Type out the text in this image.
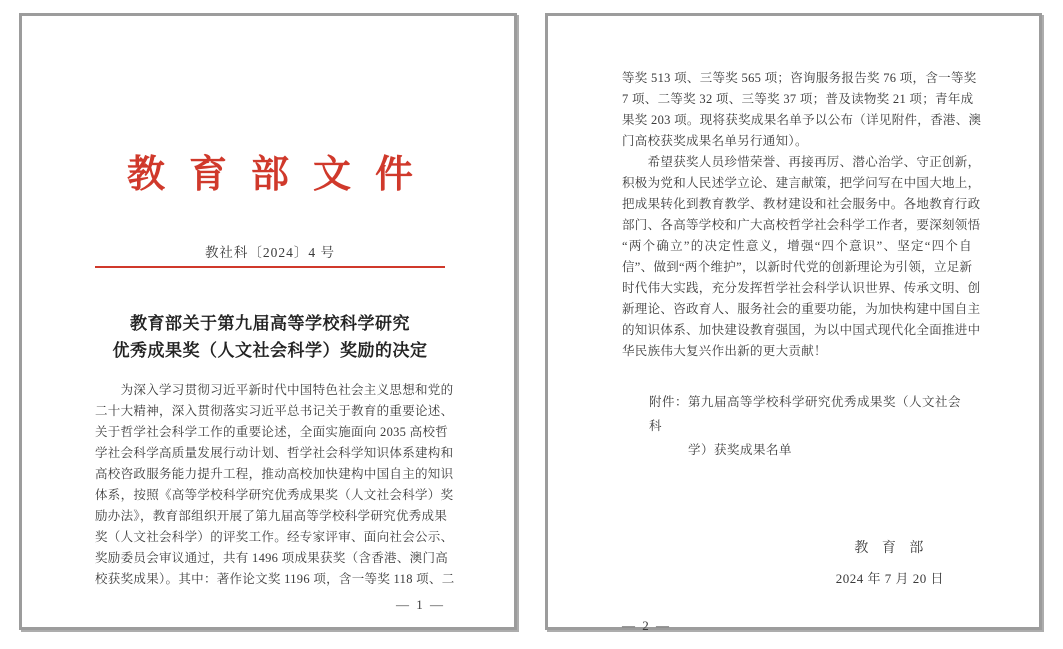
教育部文件
教社科〔2024〕4 号
教育部关于第九届高等学校科学研究
优秀成果奖（人文社会科学）奖励的决定
　　为深入学习贯彻习近平新时代中国特色社会主义思想和党的
二十大精神，深入贯彻落实习近平总书记关于教育的重要论述、
关于哲学社会科学工作的重要论述，全面实施面向 2035 高校哲
学社会科学高质量发展行动计划、哲学社会科学知识体系建构和
高校咨政服务能力提升工程，推动高校加快建构中国自主的知识
体系，按照《高等学校科学研究优秀成果奖（人文社会科学）奖
励办法》，教育部组织开展了第九届高等学校科学研究优秀成果
奖（人文社会科学）的评奖工作。经专家评审、面向社会公示、
奖励委员会审议通过，共有 1496 项成果获奖（含香港、澳门高
校获奖成果）。其中：著作论文奖 1196 项，含一等奖 118 项、二
— 1 —
等奖 513 项、三等奖 565 项；咨询服务报告奖 76 项，含一等奖
7 项、二等奖 32 项、三等奖 37 项；普及读物奖 21 项；青年成
果奖 203 项。现将获奖成果名单予以公布（详见附件，香港、澳
门高校获奖成果名单另行通知）。
　　希望获奖人员珍惜荣誉、再接再厉、潜心治学、守正创新，
积极为党和人民述学立论、建言献策，把学问写在中国大地上，
把成果转化到教育教学、教材建设和社会服务中。各地教育行政
部门、各高等学校和广大高校哲学社会科学工作者，要深刻领悟
“两个确立”的决定性意义，增强“四个意识”、坚定“四个自
信”、做到“两个维护”，以新时代党的创新理论为引领，立足新
时代伟大实践，充分发挥哲学社会科学认识世界、传承文明、创
新理论、咨政育人、服务社会的重要功能，为加快构建中国自主
的知识体系、加快建设教育强国，为以中国式现代化全面推进中
华民族伟大复兴作出新的更大贡献！
附件：第九届高等学校科学研究优秀成果奖（人文社会科
学）获奖成果名单
教 育 部
2024 年 7 月 20 日
— 2 —
